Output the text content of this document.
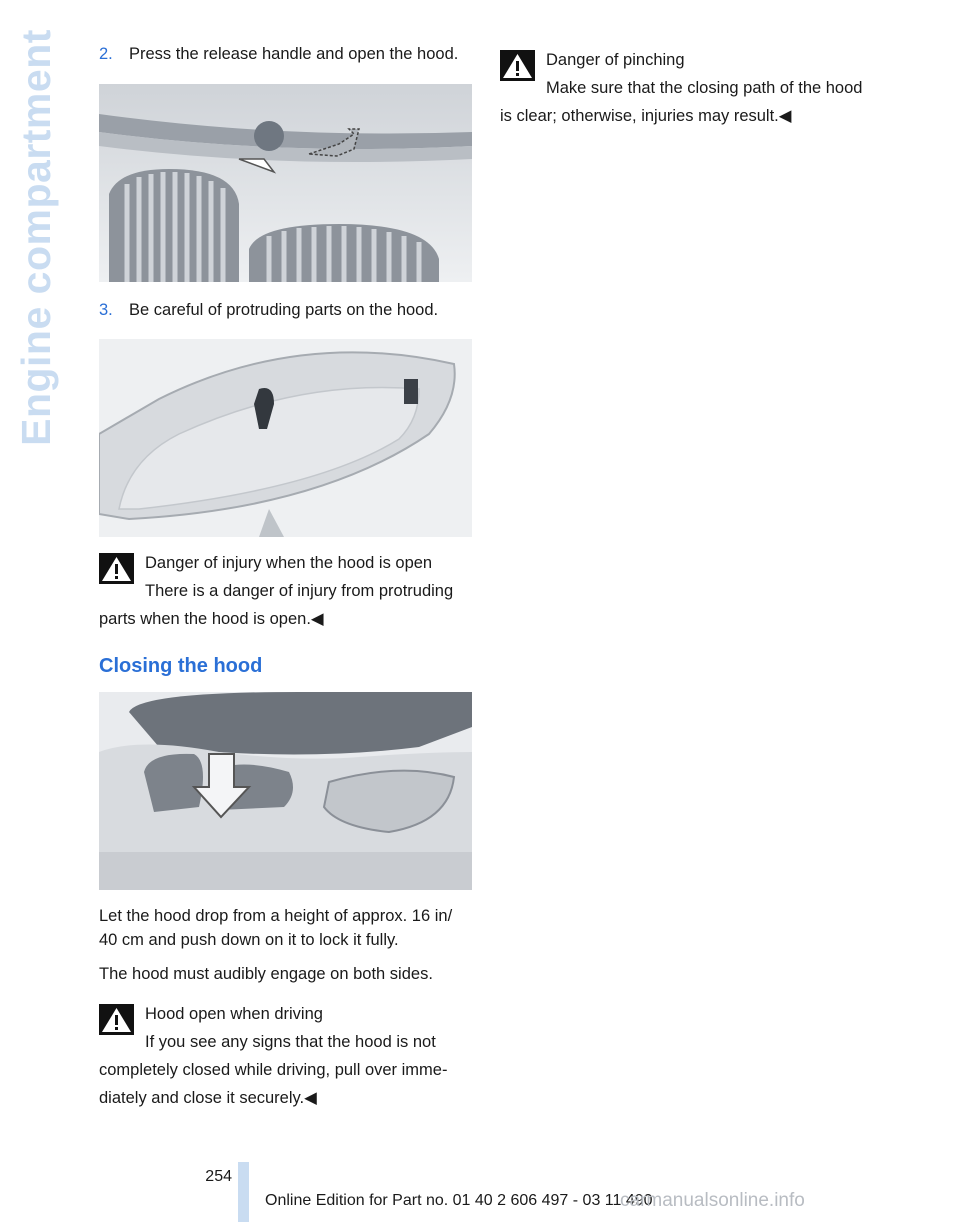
Engine compartment 2. Press the release handle and open the hood.
3. Be careful of protruding parts on the hood.
Danger of injury when the hood is open
There is a danger of injury from protruding parts when the hood is open.◀
Closing the hood
Let the hood drop from a height of approx. 16 in/ 40 cm and push down on it to lock it fully.
The hood must audibly engage on both sides.
Hood open when driving
If you see any signs that the hood is not completely closed while driving, pull over imme-diately and close it securely.◀
Danger of pinching
Make sure that the closing path of the hood is clear; otherwise, injuries may result.◀
254
Online Edition for Part no. 01 40 2 606 497 - 03 11 490
carmanualsonline.info
